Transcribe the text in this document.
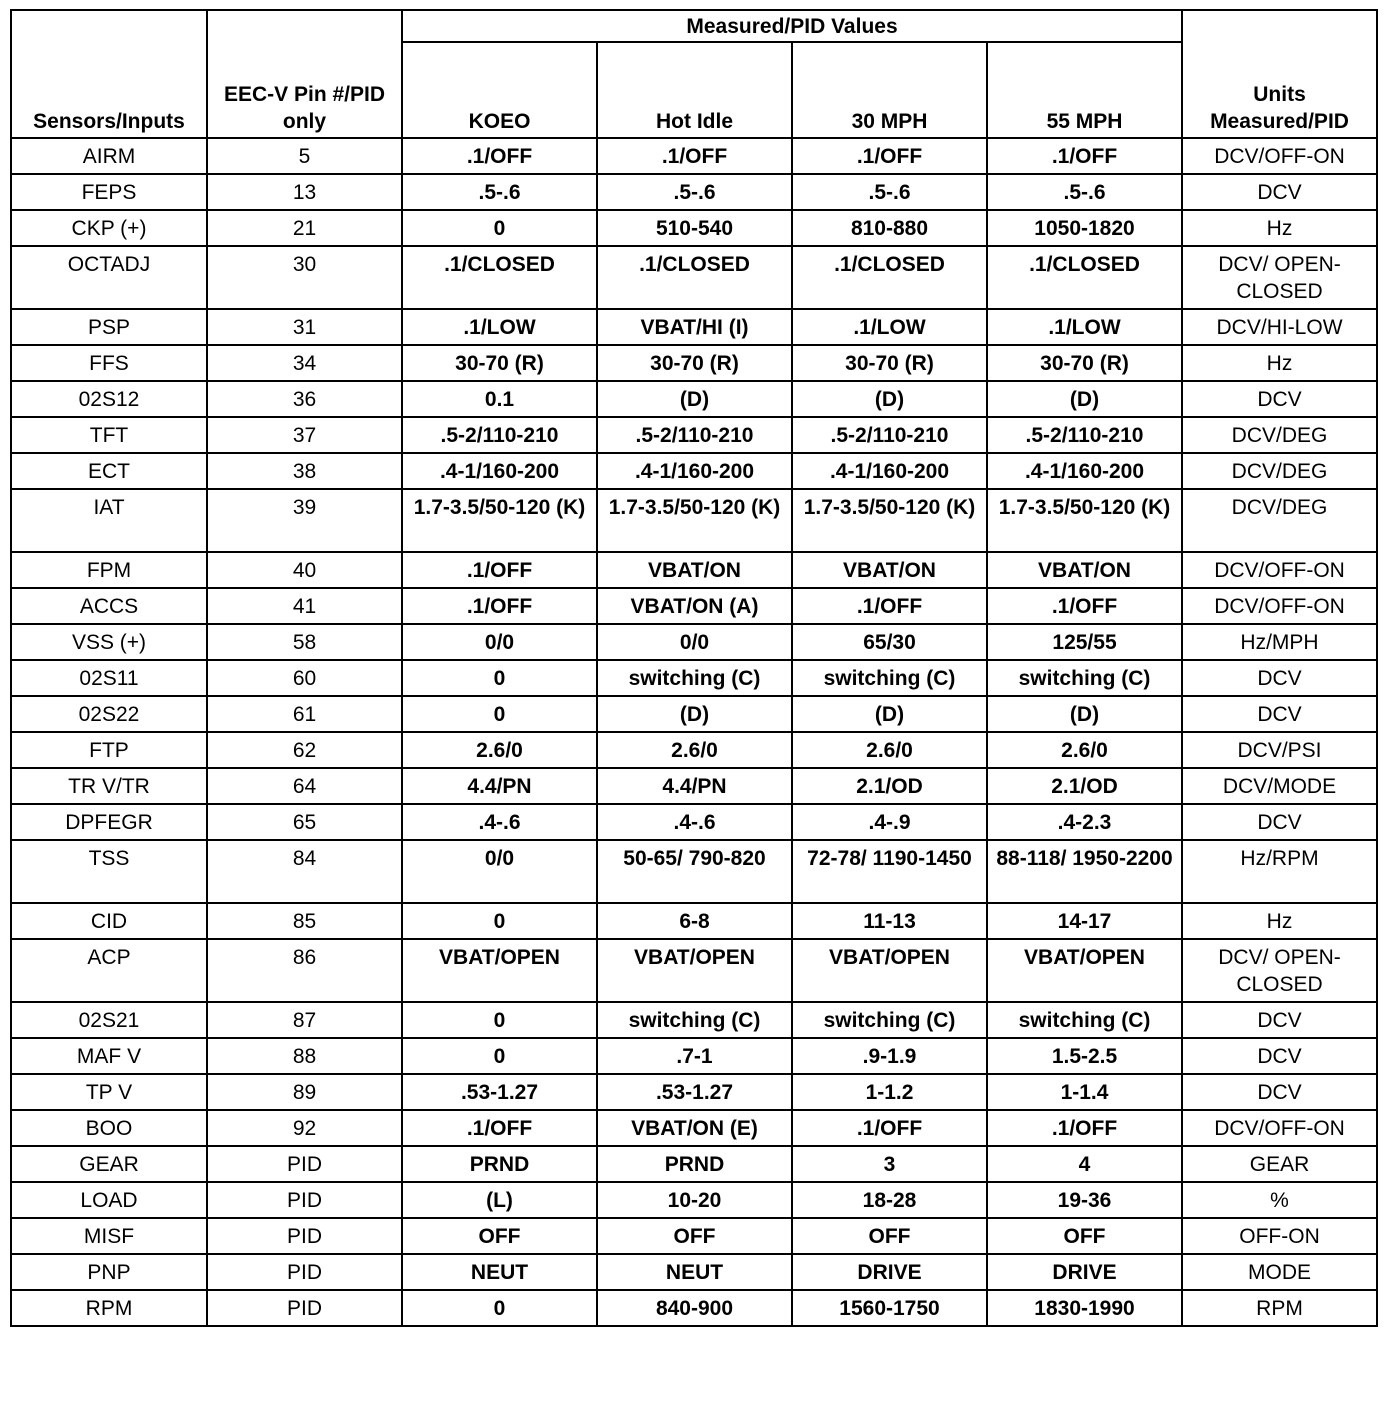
Sensors/Inputs	EEC-V Pin #/PID only	Measured/PID Values				Units Measured/PID
		KOEO	Hot Idle	30 MPH	55 MPH	
AIRM	5	.1/OFF	.1/OFF	.1/OFF	.1/OFF	DCV/OFF-ON
FEPS	13	.5-.6	.5-.6	.5-.6	.5-.6	DCV
CKP (+)	21	0	510-540	810-880	1050-1820	Hz
OCTADJ	30	.1/CLOSED	.1/CLOSED	.1/CLOSED	.1/CLOSED	DCV/ OPEN-CLOSED
PSP	31	.1/LOW	VBAT/HI (I)	.1/LOW	.1/LOW	DCV/HI-LOW
FFS	34	30-70 (R)	30-70 (R)	30-70 (R)	30-70 (R)	Hz
02S12	36	0.1	(D)	(D)	(D)	DCV
TFT	37	.5-2/110-210	.5-2/110-210	.5-2/110-210	.5-2/110-210	DCV/DEG
ECT	38	.4-1/160-200	.4-1/160-200	.4-1/160-200	.4-1/160-200	DCV/DEG
IAT	39	1.7-3.5/50-120 (K)	1.7-3.5/50-120 (K)	1.7-3.5/50-120 (K)	1.7-3.5/50-120 (K)	DCV/DEG
FPM	40	.1/OFF	VBAT/ON	VBAT/ON	VBAT/ON	DCV/OFF-ON
ACCS	41	.1/OFF	VBAT/ON (A)	.1/OFF	.1/OFF	DCV/OFF-ON
VSS (+)	58	0/0	0/0	65/30	125/55	Hz/MPH
02S11	60	0	switching (C)	switching (C)	switching (C)	DCV
02S22	61	0	(D)	(D)	(D)	DCV
FTP	62	2.6/0	2.6/0	2.6/0	2.6/0	DCV/PSI
TR V/TR	64	4.4/PN	4.4/PN	2.1/OD	2.1/OD	DCV/MODE
DPFEGR	65	.4-.6	.4-.6	.4-.9	.4-2.3	DCV
TSS	84	0/0	50-65/ 790-820	72-78/ 1190-1450	88-118/ 1950-2200	Hz/RPM
CID	85	0	6-8	11-13	14-17	Hz
ACP	86	VBAT/OPEN	VBAT/OPEN	VBAT/OPEN	VBAT/OPEN	DCV/ OPEN-CLOSED
02S21	87	0	switching (C)	switching (C)	switching (C)	DCV
MAF V	88	0	.7-1	.9-1.9	1.5-2.5	DCV
TP V	89	.53-1.27	.53-1.27	1-1.2	1-1.4	DCV
BOO	92	.1/OFF	VBAT/ON (E)	.1/OFF	.1/OFF	DCV/OFF-ON
GEAR	PID	PRND	PRND	3	4	GEAR
LOAD	PID	(L)	10-20	18-28	19-36	%
MISF	PID	OFF	OFF	OFF	OFF	OFF-ON
PNP	PID	NEUT	NEUT	DRIVE	DRIVE	MODE
RPM	PID	0	840-900	1560-1750	1830-1990	RPM
